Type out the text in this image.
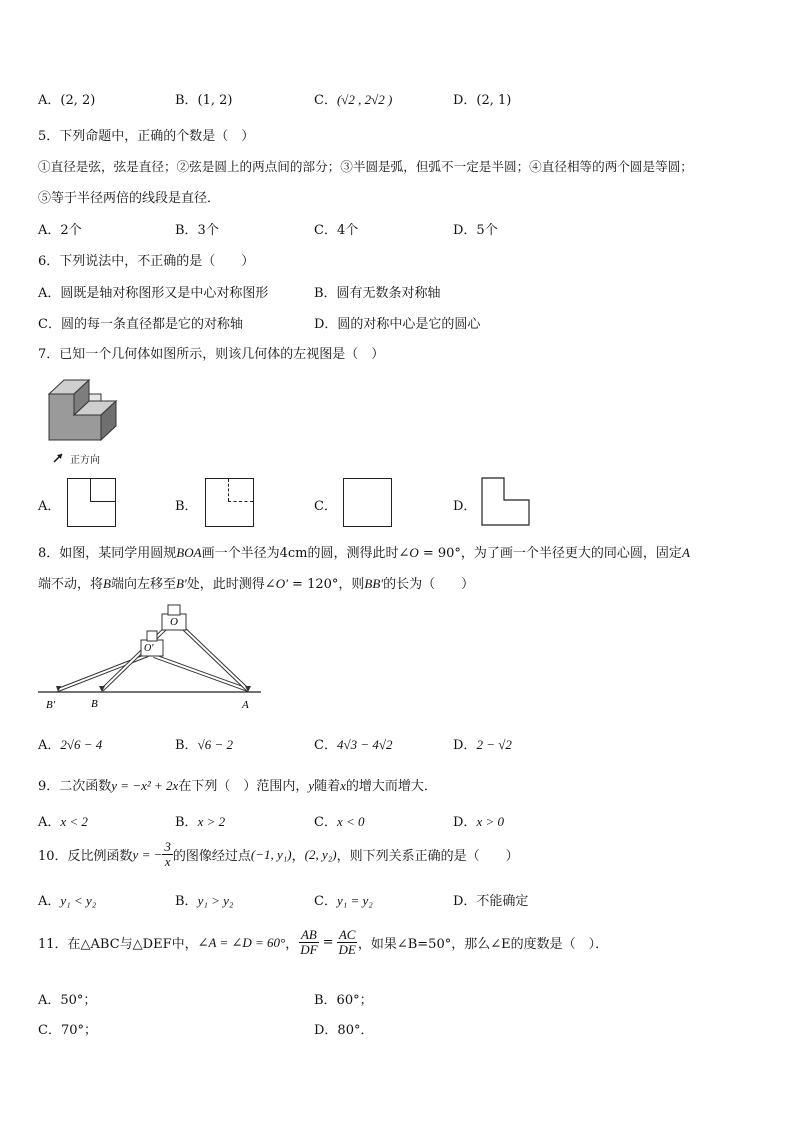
A．(2, 2)	B．(1, 2)	C．(√2 , 2√2 )	D．(2, 1)
5．下列命题中，正确的个数是（　）
①直径是弦，弦是直径；②弦是圆上的两点间的部分；③半圆是弧，但弧不一定是半圆；④直径相等的两个圆是等圆；
⑤等于半径两倍的线段是直径．
A．2个	B．3个	C．4个	D．5个
6．下列说法中，不正确的是（　　）
A．圆既是轴对称图形又是中心对称图形	B．圆有无数条对称轴
C．圆的每一条直径都是它的对称轴	D．圆的对称中心是它的圆心
7．已知一个几何体如图所示，则该几何体的左视图是（　）
正方向
A．	B．	C．	D．
8．如图，某同学用圆规BOA画一个半径为4cm的圆，测得此时∠O = 90°，为了画一个半径更大的同心圆，固定A
端不动，将B端向左移至B′处，此时测得∠O′ = 120°，则BB′的长为（　　）
B′	B	A
O
O′
A．2√6 − 4	B．√6 − 2	C．4√3 − 4√2	D．2 − √2
9．二次函数y = −x² + 2x在下列（　）范围内，y随着x的增大而增大．
A．x < 2	B．x > 2	C．x < 0	D．x > 0
10．反比例函数 y = − $\frac{3}{x}$ 的图像经过点 (−1, y₁) ， (2, y₂) ，则下列关系正确的是（　　）
A．y₁ < y₂	B．y₁ > y₂	C．y₁ = y₂	D．不能确定
11．在△ABC与△DEF中， ∠A = ∠D = 60° ， $\frac{AB}{DF} = \frac{AC}{DE}$ ，如果∠B=50°，那么∠E的度数是（　）．
A．50°；	B．60°；
C．70°；	D．80°．
